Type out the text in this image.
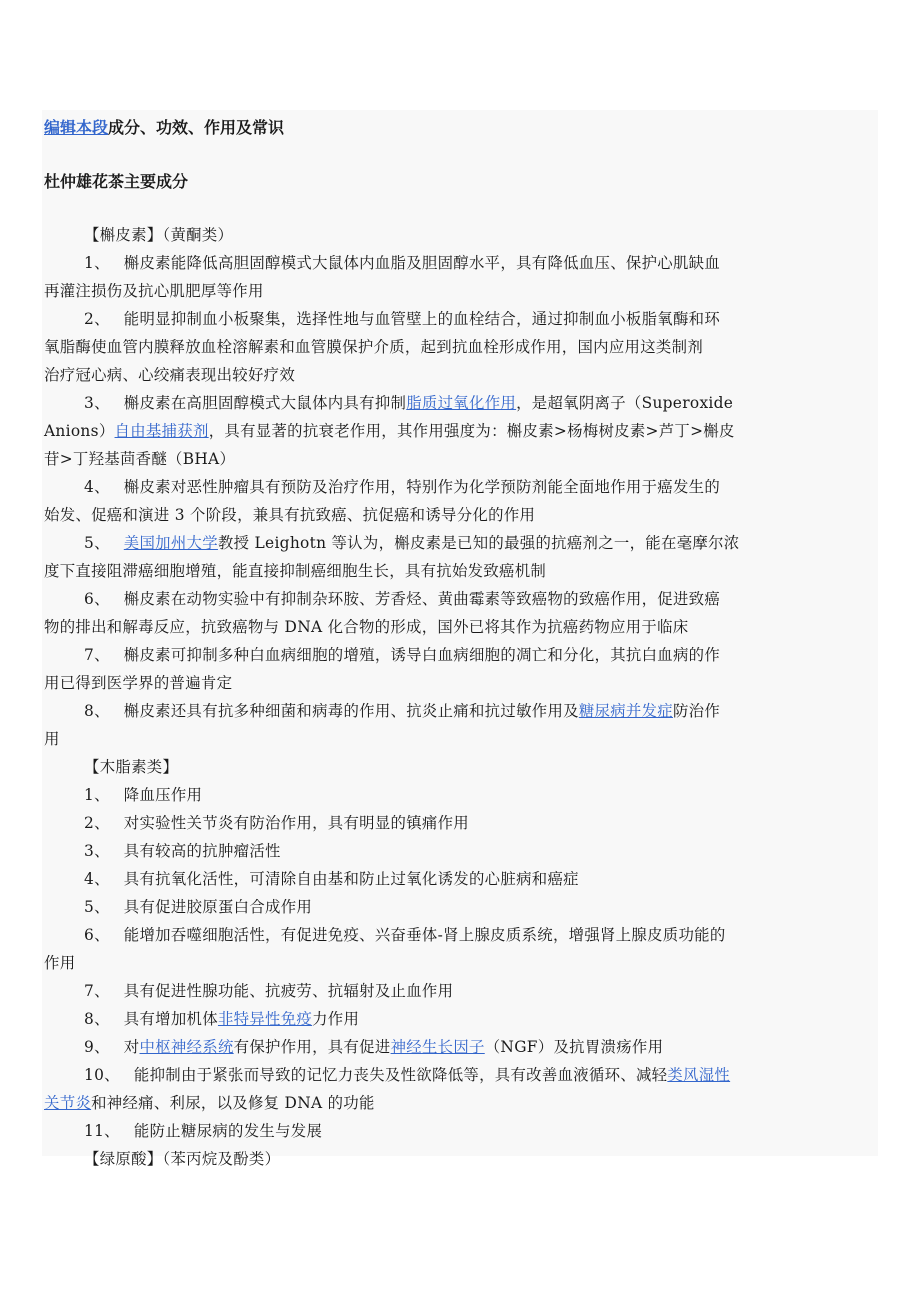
编辑本段成分、功效、作用及常识

杜仲雄花茶主要成分

【槲皮素】（黄酮类）

1、 槲皮素能降低高胆固醇模式大鼠体内血脂及胆固醇水平，具有降低血压、保护心肌缺血

再灌注损伤及抗心肌肥厚等作用

2、 能明显抑制血小板聚集，选择性地与血管壁上的血栓结合，通过抑制血小板脂氧酶和环

氧脂酶使血管内膜释放血栓溶解素和血管膜保护介质，起到抗血栓形成作用，国内应用这类制剂

治疗冠心病、心绞痛表现出较好疗效

3、 槲皮素在高胆固醇模式大鼠体内具有抑制脂质过氧化作用，是超氧阴离子（Superoxide

Anions）自由基捕获剂，具有显著的抗衰老作用，其作用强度为：槲皮素>杨梅树皮素>芦丁>槲皮

苷>丁羟基茴香醚（BHA）

4、 槲皮素对恶性肿瘤具有预防及治疗作用，特别作为化学预防剂能全面地作用于癌发生的

始发、促癌和演进 3 个阶段，兼具有抗致癌、抗促癌和诱导分化的作用

5、 美国加州大学教授 Leighotn 等认为，槲皮素是已知的最强的抗癌剂之一，能在毫摩尔浓

度下直接阻滞癌细胞增殖，能直接抑制癌细胞生长，具有抗始发致癌机制

6、 槲皮素在动物实验中有抑制杂环胺、芳香烃、黄曲霉素等致癌物的致癌作用，促进致癌

物的排出和解毒反应，抗致癌物与 DNA 化合物的形成，国外已将其作为抗癌药物应用于临床

7、 槲皮素可抑制多种白血病细胞的增殖，诱导白血病细胞的凋亡和分化，其抗白血病的作

用已得到医学界的普遍肯定

8、 槲皮素还具有抗多种细菌和病毒的作用、抗炎止痛和抗过敏作用及糖尿病并发症防治作

用

【木脂素类】

1、 降血压作用

2、 对实验性关节炎有防治作用，具有明显的镇痛作用

3、 具有较高的抗肿瘤活性

4、 具有抗氧化活性，可清除自由基和防止过氧化诱发的心脏病和癌症

5、 具有促进胶原蛋白合成作用

6、 能增加吞噬细胞活性，有促进免疫、兴奋垂体-肾上腺皮质系统，增强肾上腺皮质功能的

作用

7、 具有促进性腺功能、抗疲劳、抗辐射及止血作用

8、 具有增加机体非特异性免疫力作用

9、 对中枢神经系统有保护作用，具有促进神经生长因子（NGF）及抗胃溃疡作用

10、 能抑制由于紧张而导致的记忆力丧失及性欲降低等，具有改善血液循环、减轻类风湿性

关节炎和神经痛、利尿，以及修复 DNA 的功能

11、 能防止糖尿病的发生与发展

【绿原酸】（苯丙烷及酚类）
